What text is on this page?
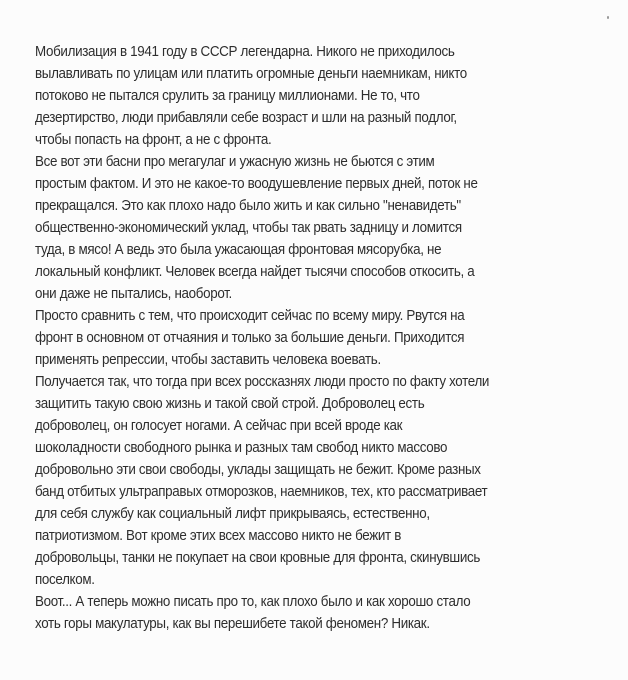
Мобилизация в 1941 году в СССР легендарна. Никого не приходилось
вылавливать по улицам или платить огромные деньги наемникам, никто
потоково не пытался срулить за границу миллионами. Не то, что
дезертирство, люди прибавляли себе возраст и шли на разный подлог,
чтобы попасть на фронт, а не с фронта.
Все вот эти басни про мегагулаг и ужасную жизнь не бьются с этим
простым фактом. И это не какое-то воодушевление первых дней, поток не
прекращался. Это как плохо надо было жить и как сильно "ненавидеть"
общественно-экономический уклад, чтобы так рвать задницу и ломится
туда, в мясо! А ведь это была ужасающая фронтовая мясорубка, не
локальный конфликт. Человек всегда найдет тысячи способов откосить, а
они даже не пытались, наоборот.
Просто сравнить с тем, что происходит сейчас по всему миру. Рвутся на
фронт в основном от отчаяния и только за большие деньги. Приходится
применять репрессии, чтобы заставить человека воевать.
Получается так, что тогда при всех россказнях люди просто по факту хотели
защитить такую свою жизнь и такой свой строй. Доброволец есть
доброволец, он голосует ногами. А сейчас при всей вроде как
шоколадности свободного рынка и разных там свобод никто массово
добровольно эти свои свободы, уклады защищать не бежит. Кроме разных
банд отбитых ультраправых отморозков, наемников, тех, кто рассматривает
для себя службу как социальный лифт прикрываясь, естественно,
патриотизмом. Вот кроме этих всех массово никто не бежит в
добровольцы, танки не покупает на свои кровные для фронта, скинувшись
поселком.
Воот... А теперь можно писать про то, как плохо было и как хорошо стало
хоть горы макулатуры, как вы перешибете такой феномен? Никак.
